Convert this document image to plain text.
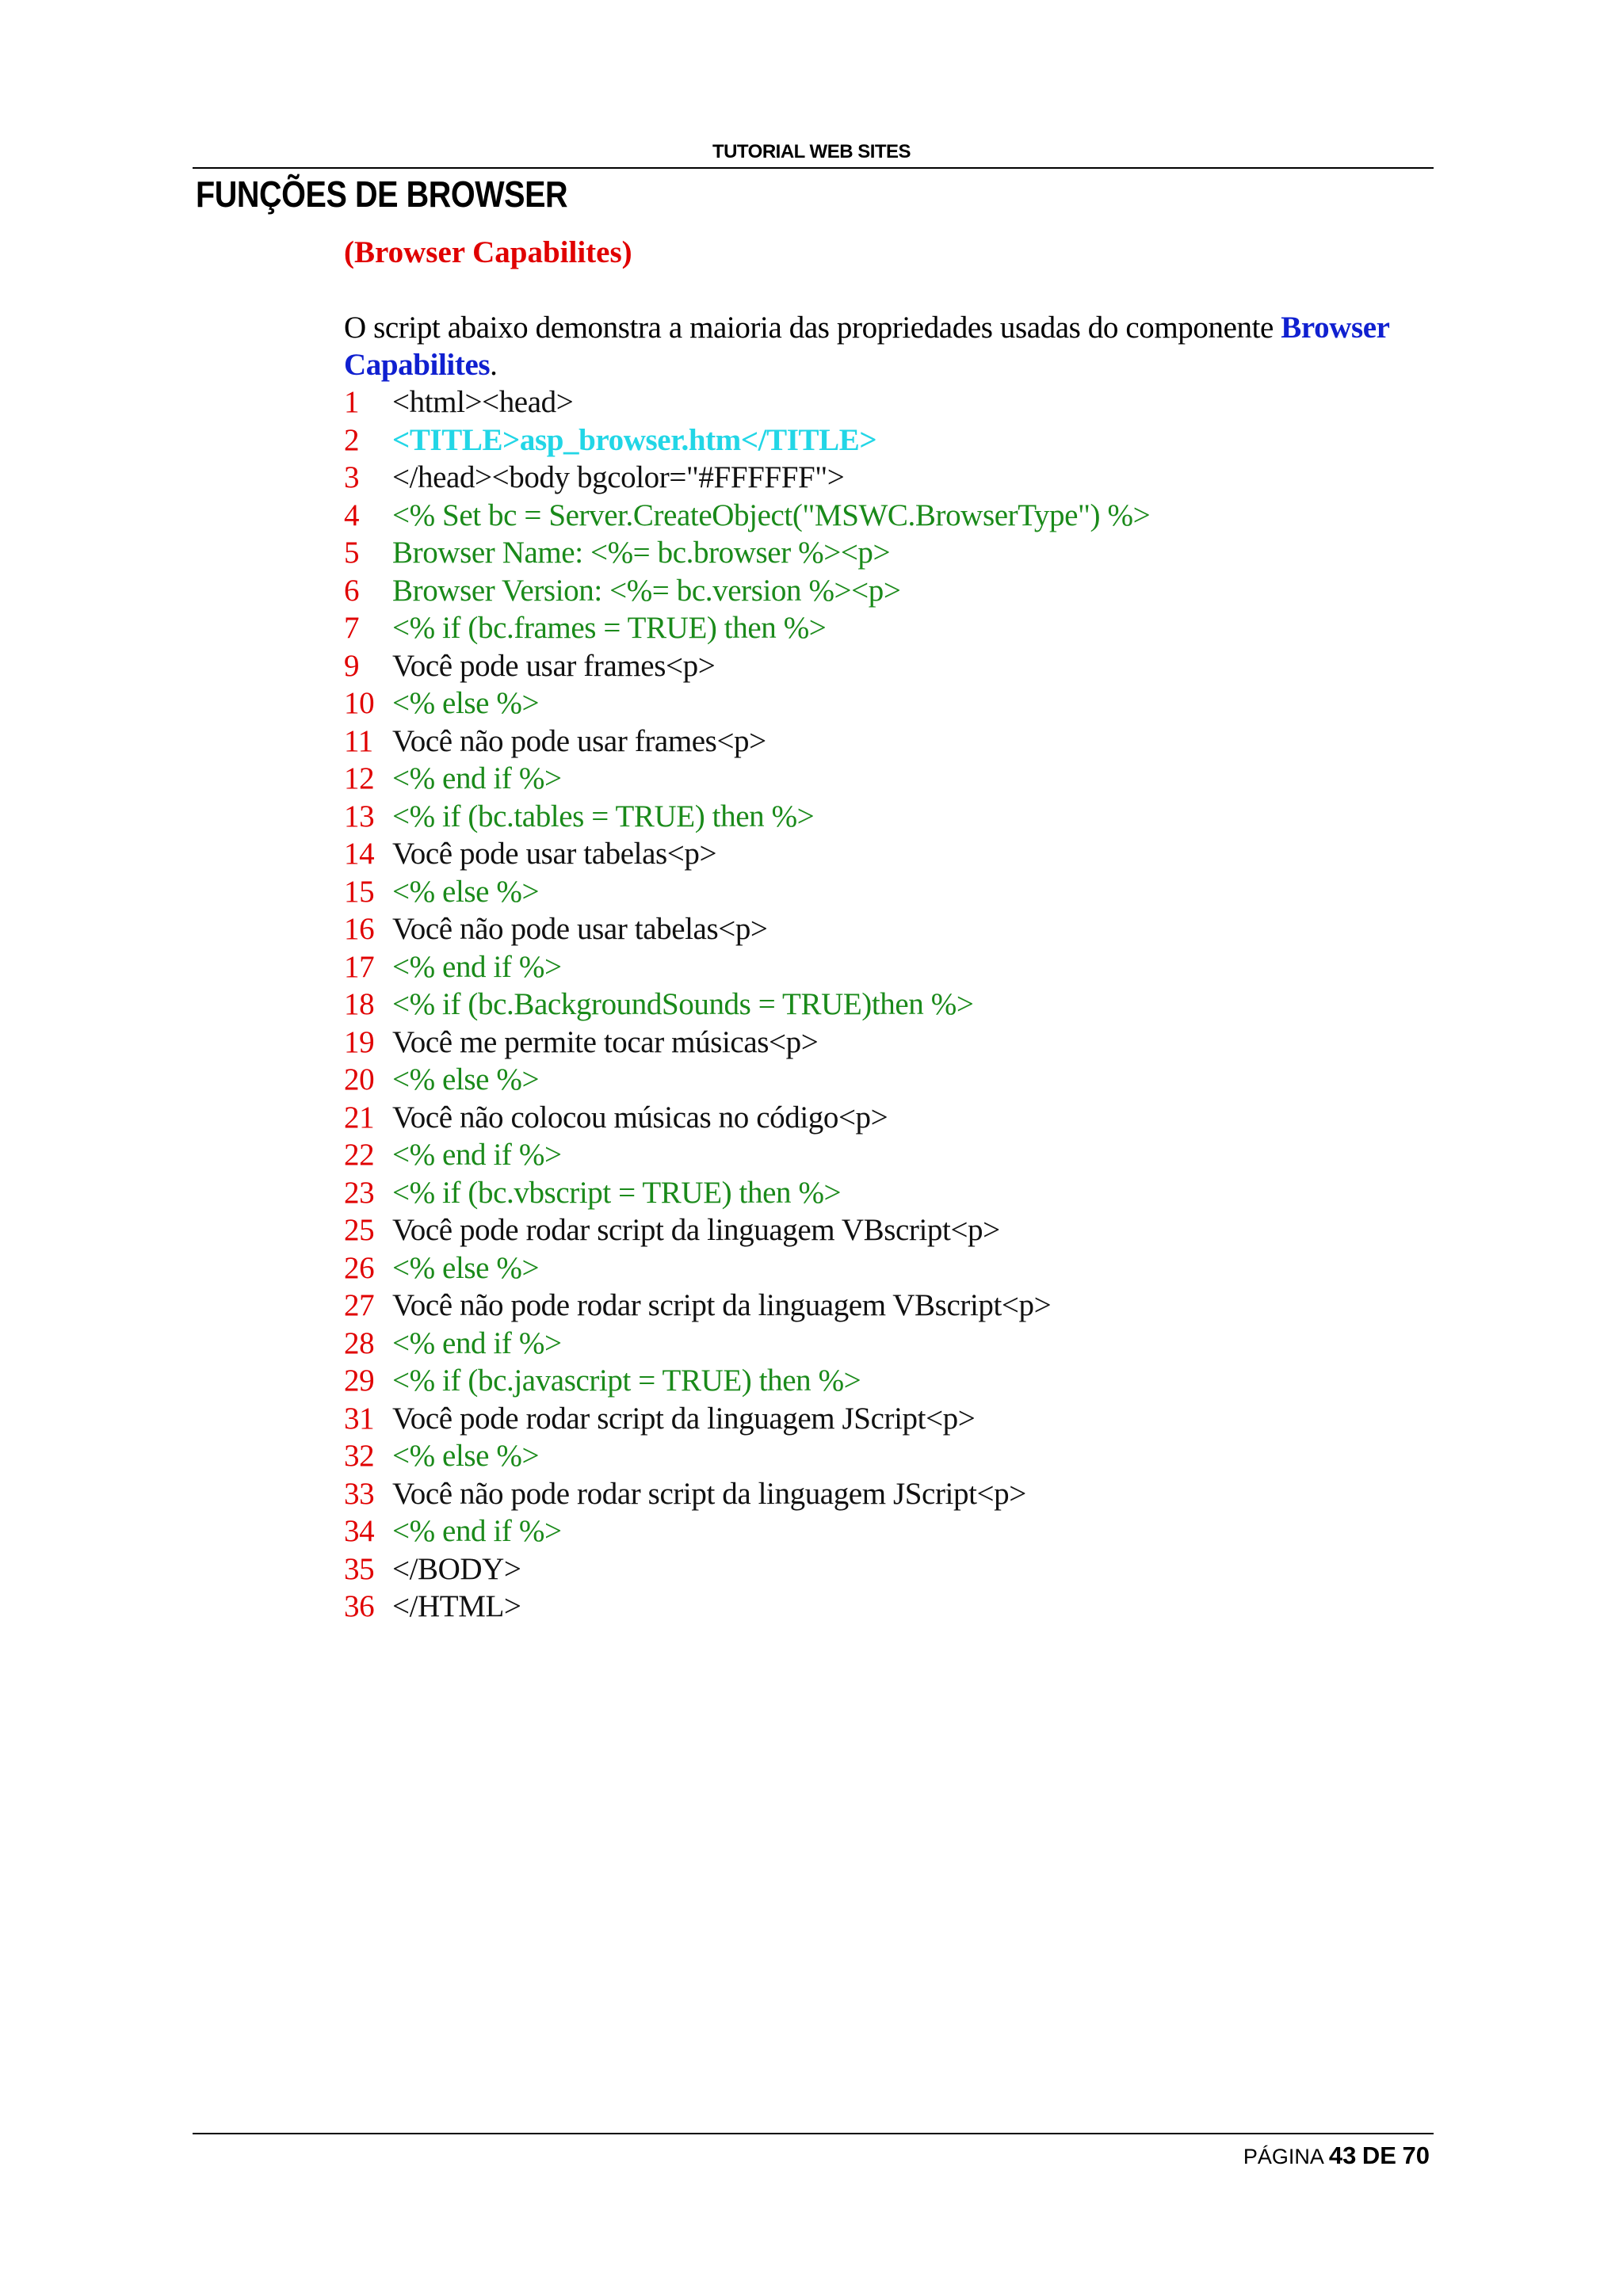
TUTORIAL WEB SITES
FUNÇÕES DE BROWSER
(Browser Capabilites)
O script abaixo demonstra a maioria das propriedades usadas do componente Browser Capabilites.
1 <html><head>
2 <TITLE>asp_browser.htm</TITLE>
3 </head><body bgcolor="#FFFFFF">
4 <% Set bc = Server.CreateObject("MSWC.BrowserType") %>
5 Browser Name: <%= bc.browser %><p>
6 Browser Version: <%= bc.version %><p>
7 <% if (bc.frames = TRUE) then %>
9 Você pode usar frames<p>
10 <% else %>
11 Você não pode usar frames<p>
12 <% end if %>
13 <% if (bc.tables = TRUE) then %>
14 Você pode usar tabelas<p>
15 <% else %>
16 Você não pode usar tabelas<p>
17 <% end if %>
18 <% if (bc.BackgroundSounds = TRUE)then %>
19 Você me permite tocar músicas<p>
20 <% else %>
21 Você não colocou músicas no código<p>
22 <% end if %>
23 <% if (bc.vbscript = TRUE) then %>
25 Você pode rodar script da linguagem VBscript<p>
26 <% else %>
27 Você não pode rodar script da linguagem VBscript<p>
28 <% end if %>
29 <% if (bc.javascript = TRUE) then %>
31 Você pode rodar script da linguagem JScript<p>
32 <% else %>
33 Você não pode rodar script da linguagem JScript<p>
34 <% end if %>
35 </BODY>
36 </HTML>
PÁGINA 43 DE 70
